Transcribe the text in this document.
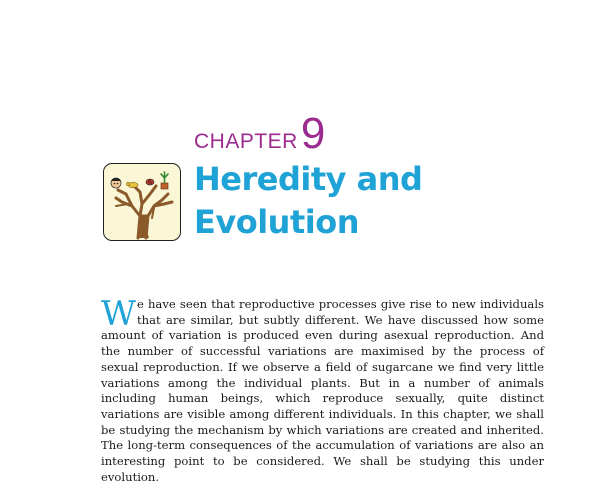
CHAPTER 9
Heredity and
Evolution

We have seen that reproductive processes give rise to new individuals that are similar, but subtly different. We have discussed how some amount of variation is produced even during asexual reproduction. And the number of successful variations are maximised by the process of sexual reproduction. If we observe a field of sugarcane we find very little variations among the individual plants. But in a number of animals including human beings, which reproduce sexually, quite distinct variations are visible among different individuals. In this chapter, we shall be studying the mechanism by which variations are created and inherited. The long-term consequences of the accumulation of variations are also an interesting point to be considered. We shall be studying this under evolution.
